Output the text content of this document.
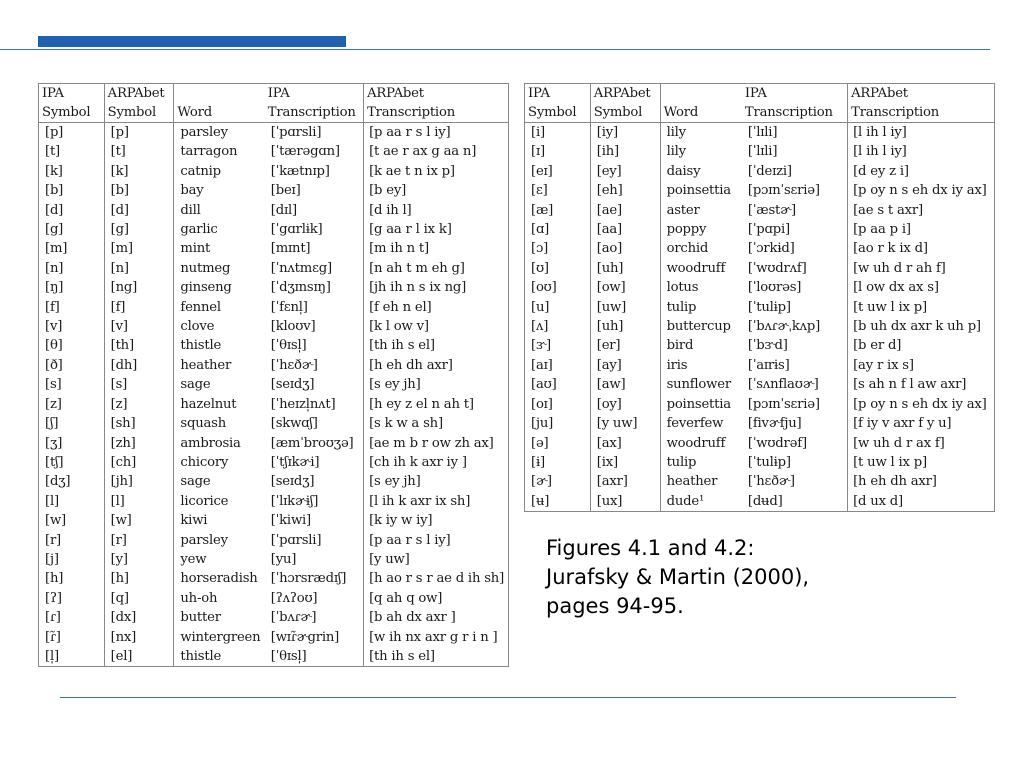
IPA	ARPAbet		IPA	ARPAbet
Symbol	Symbol	Word	Transcription	Transcription
[p]	[p]	parsley	[ˈpɑrsli]	[p aa r s l iy]
[t]	[t]	tarragon	[ˈtærəgɑn]	[t ae r ax g aa n]
[k]	[k]	catnip	[ˈkætnɪp]	[k ae t n ix p]
[b]	[b]	bay	[beɪ]	[b ey]
[d]	[d]	dill	[dɪl]	[d ih l]
[g]	[g]	garlic	[ˈgɑrlɨk]	[g aa r l ix k]
[m]	[m]	mint	[mɪnt]	[m ih n t]
[n]	[n]	nutmeg	[ˈnʌtmɛg]	[n ah t m eh g]
[ŋ]	[ng]	ginseng	[ˈdʒɪnsɪŋ]	[jh ih n s ix ng]
[f]	[f]	fennel	[ˈfɛnl̩]	[f eh n el]
[v]	[v]	clove	[kloʊv]	[k l ow v]
[θ]	[th]	thistle	[ˈθɪsl̩]	[th ih s el]
[ð]	[dh]	heather	[ˈhɛðɚ]	[h eh dh axr]
[s]	[s]	sage	[seɪdʒ]	[s ey jh]
[z]	[z]	hazelnut	[ˈheɪzl̩nʌt]	[h ey z el n ah t]
[ʃ]	[sh]	squash	[skwɑʃ]	[s k w a sh]
[ʒ]	[zh]	ambrosia	[æmˈbroʊʒə]	[ae m b r ow zh ax]
[tʃ]	[ch]	chicory	[ˈtʃɪkɚi]	[ch ih k axr iy ]
[dʒ]	[jh]	sage	[seɪdʒ]	[s ey jh]
[l]	[l]	licorice	[ˈlɪkɚɨʃ]	[l ih k axr ix sh]
[w]	[w]	kiwi	[ˈkiwi]	[k iy w iy]
[r]	[r]	parsley	[ˈpɑrsli]	[p aa r s l iy]
[j]	[y]	yew	[yu]	[y uw]
[h]	[h]	horseradish	[ˈhɔrsrædɪʃ]	[h ao r s r ae d ih sh]
[ʔ]	[q]	uh-oh	[ʔʌʔoʊ]	[q ah q ow]
[ɾ]	[dx]	butter	[ˈbʌɾɚ]	[b ah dx axr ]
[ɾ̃]	[nx]	wintergreen	[wɪɾ̃ɚgrin]	[w ih nx axr g r i n ]
[l̩]	[el]	thistle	[ˈθɪsl̩]	[th ih s el]
IPA	ARPAbet		IPA	ARPAbet
Symbol	Symbol	Word	Transcription	Transcription
[i]	[iy]	lily	[ˈlɪli]	[l ih l iy]
[ɪ]	[ih]	lily	[ˈlɪli]	[l ih l iy]
[eɪ]	[ey]	daisy	[ˈdeɪzi]	[d ey z i]
[ɛ]	[eh]	poinsettia	[pɔɪnˈsɛriə]	[p oy n s eh dx iy ax]
[æ]	[ae]	aster	[ˈæstɚ]	[ae s t axr]
[ɑ]	[aa]	poppy	[ˈpɑpi]	[p aa p i]
[ɔ]	[ao]	orchid	[ˈɔrkɨd]	[ao r k ix d]
[ʊ]	[uh]	woodruff	[ˈwʊdrʌf]	[w uh d r ah f]
[oʊ]	[ow]	lotus	[ˈloʊrəs]	[l ow dx ax s]
[u]	[uw]	tulip	[ˈtulɨp]	[t uw l ix p]
[ʌ]	[uh]	buttercup	[ˈbʌɾɚˌkʌp]	[b uh dx axr k uh p]
[ɝ]	[er]	bird	[ˈbɝd]	[b er d]
[aɪ]	[ay]	iris	[ˈaɪrɨs]	[ay r ix s]
[aʊ]	[aw]	sunflower	[ˈsʌnflaʊɚ]	[s ah n f l aw axr]
[oɪ]	[oy]	poinsettia	[pɔɪnˈsɛriə]	[p oy n s eh dx iy ax]
[ju]	[y uw]	feverfew	[fivɚfju]	[f iy v axr f y u]
[ə]	[ax]	woodruff	[ˈwʊdrəf]	[w uh d r ax f]
[ɨ]	[ix]	tulip	[ˈtulɨp]	[t uw l ix p]
[ɚ]	[axr]	heather	[ˈhɛðɚ]	[h eh dh axr]
[ʉ]	[ux]	dude¹	[dʉd]	[d ux d]
Figures 4.1 and 4.2:
Jurafsky & Martin (2000),
pages 94-95.
